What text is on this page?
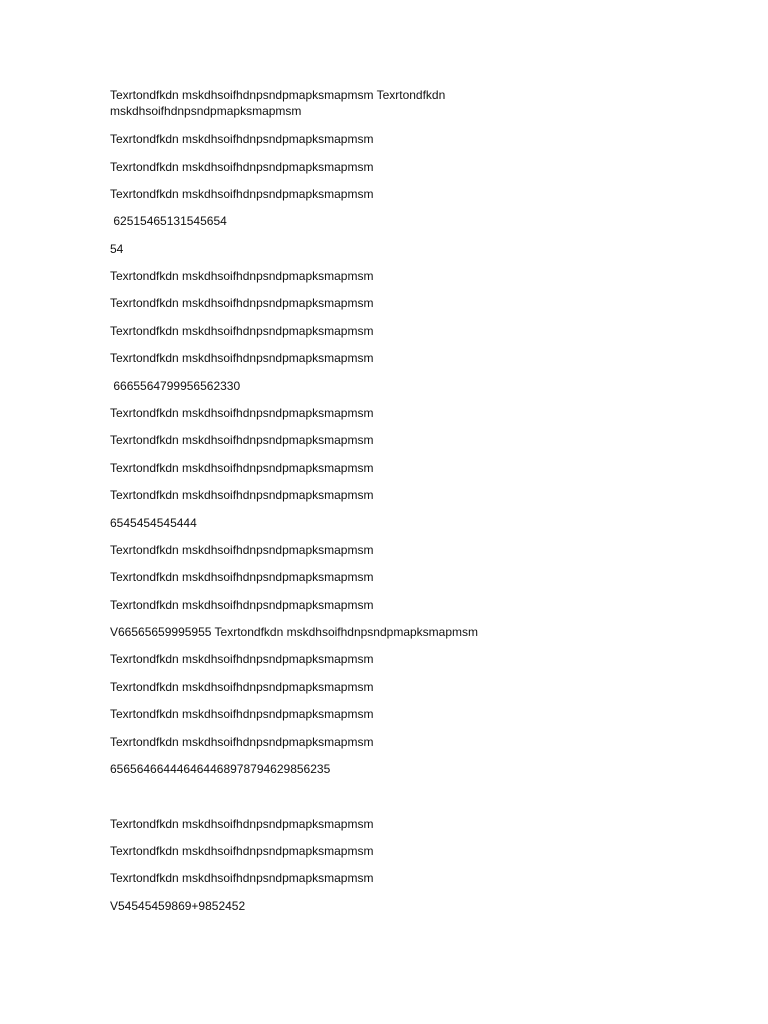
Texrtondfkdn mskdhsoifhdnpsndpmapksmapmsm Texrtondfkdn
mskdhsoifhdnpsndpmapksmapmsm

Texrtondfkdn mskdhsoifhdnpsndpmapksmapmsm

Texrtondfkdn mskdhsoifhdnpsndpmapksmapmsm

Texrtondfkdn mskdhsoifhdnpsndpmapksmapmsm

62515465131545654

54

Texrtondfkdn mskdhsoifhdnpsndpmapksmapmsm

Texrtondfkdn mskdhsoifhdnpsndpmapksmapmsm

Texrtondfkdn mskdhsoifhdnpsndpmapksmapmsm

Texrtondfkdn mskdhsoifhdnpsndpmapksmapmsm

6665564799956562330

Texrtondfkdn mskdhsoifhdnpsndpmapksmapmsm

Texrtondfkdn mskdhsoifhdnpsndpmapksmapmsm

Texrtondfkdn mskdhsoifhdnpsndpmapksmapmsm

Texrtondfkdn mskdhsoifhdnpsndpmapksmapmsm

6545454545444

Texrtondfkdn mskdhsoifhdnpsndpmapksmapmsm

Texrtondfkdn mskdhsoifhdnpsndpmapksmapmsm

Texrtondfkdn mskdhsoifhdnpsndpmapksmapmsm

V66565659995955 Texrtondfkdn mskdhsoifhdnpsndpmapksmapmsm

Texrtondfkdn mskdhsoifhdnpsndpmapksmapmsm

Texrtondfkdn mskdhsoifhdnpsndpmapksmapmsm

Texrtondfkdn mskdhsoifhdnpsndpmapksmapmsm

Texrtondfkdn mskdhsoifhdnpsndpmapksmapmsm

656564664446464468978794629856235

Texrtondfkdn mskdhsoifhdnpsndpmapksmapmsm

Texrtondfkdn mskdhsoifhdnpsndpmapksmapmsm

Texrtondfkdn mskdhsoifhdnpsndpmapksmapmsm

V54545459869+9852452
